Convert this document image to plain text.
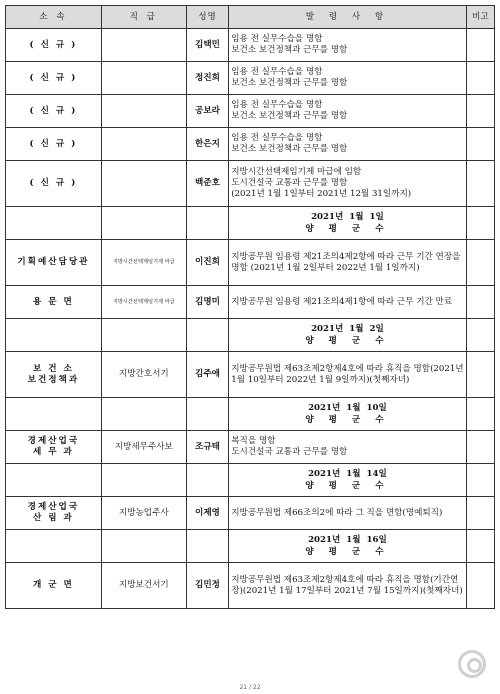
소 속	직 급	성명	발 령 사 항	비고

( 신 규 )		김택민	임용 전 실무수습을 명함
보건소 보건정책과 근무를 명함	

( 신 규 )		정진희	임용 전 실무수습을 명함
보건소 보건정책과 근무를 명함	

( 신 규 )		공보라	임용 전 실무수습을 명함
보건소 보건정책과 근무를 명함	

( 신 규 )		한은지	임용 전 실무수습을 명함
보건소 보건정책과 근무를 명함	

( 신 규 )		백준호	지방시간선택제임기제 마급에 임함
도시건설국 교통과 근무를 명함
(2021년 1월 1일부터 2021년 12월 31일까지)	

			2021년  1월  1일
양 평 군 수	

기획예산담당관	지방시간선택제임기제 마급	이진희	지방공무원 임용령 제21조의4제2항에 따라 근무 기간 연장을 명함 (2021년 1월 2일부터 2022년 1월 1일까지)	

용 문 면	지방시간선택제임기제 마급	김명미	지방공무원 임용령 제21조의4제1항에 따라 근무 기간 만료	

			2021년  1월  2일
양 평 군 수	

보 건 소
보건정책과	지방간호서기	김주애	지방공무원법 제63조제2항제4호에 따라 휴직을 명함(2021년 1월 10일부터 2022년 1월 9일까지)(첫째자녀)	

			2021년  1월  10일
양 평 군 수	

경제산업국
세 무 과	지방세무주사보	조규태	복직을 명함
도시건설국 교통과 근무를 명함	

			2021년  1월  14일
양 평 군 수	

경제산업국
산 림 과	지방농업주사	이제영	지방공무원법 제66조의2에 따라 그 직을 면함(명예퇴직)	

			2021년  1월  16일
양 평 군 수	

개 군 면	지방보건서기	김민정	지방공무원법 제63조제2항제4호에 따라 휴직을 명함(기간연장)(2021년 1월 17일부터 2021년 7월 15일까지)(첫째자녀)	

21 / 22
